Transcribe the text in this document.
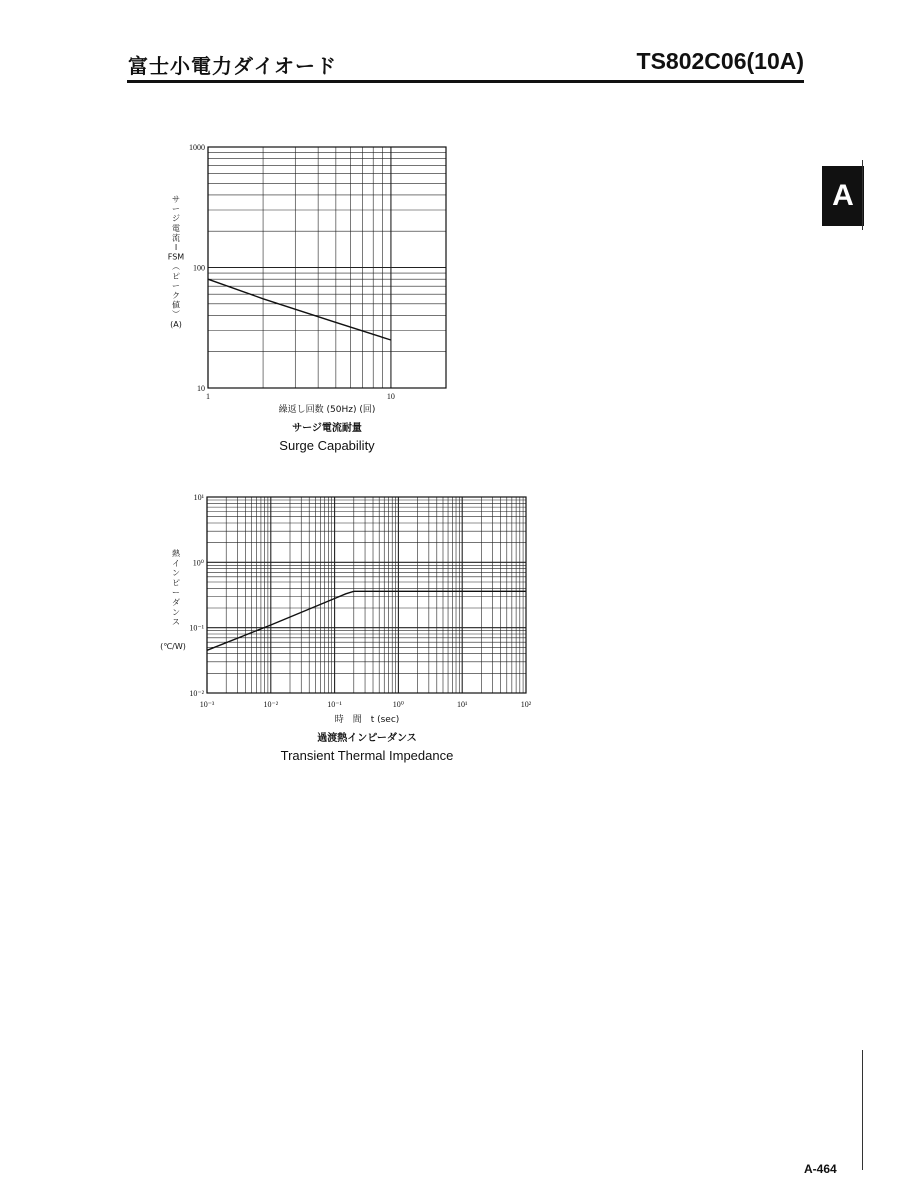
富士小電力ダイオード	TS802C06(10A)
A
A-464
10
100
1000
1	10
サ
ー
ジ
電
流
I
FSM
︵
ピ
ー
ク
値
︶
(A)
繰返し回数 (50Hz) (回)
サージ電流耐量
Surge Capability
10⁻²
10⁻¹
10⁰
10¹
10⁻³	10⁻²	10⁻¹	10⁰	10¹	10²
熱
イ
ン
ピ
ー
ダ
ン
ス
(℃/W)
時　間　t (sec)
過渡熱インピーダンス
Transient Thermal Impedance
